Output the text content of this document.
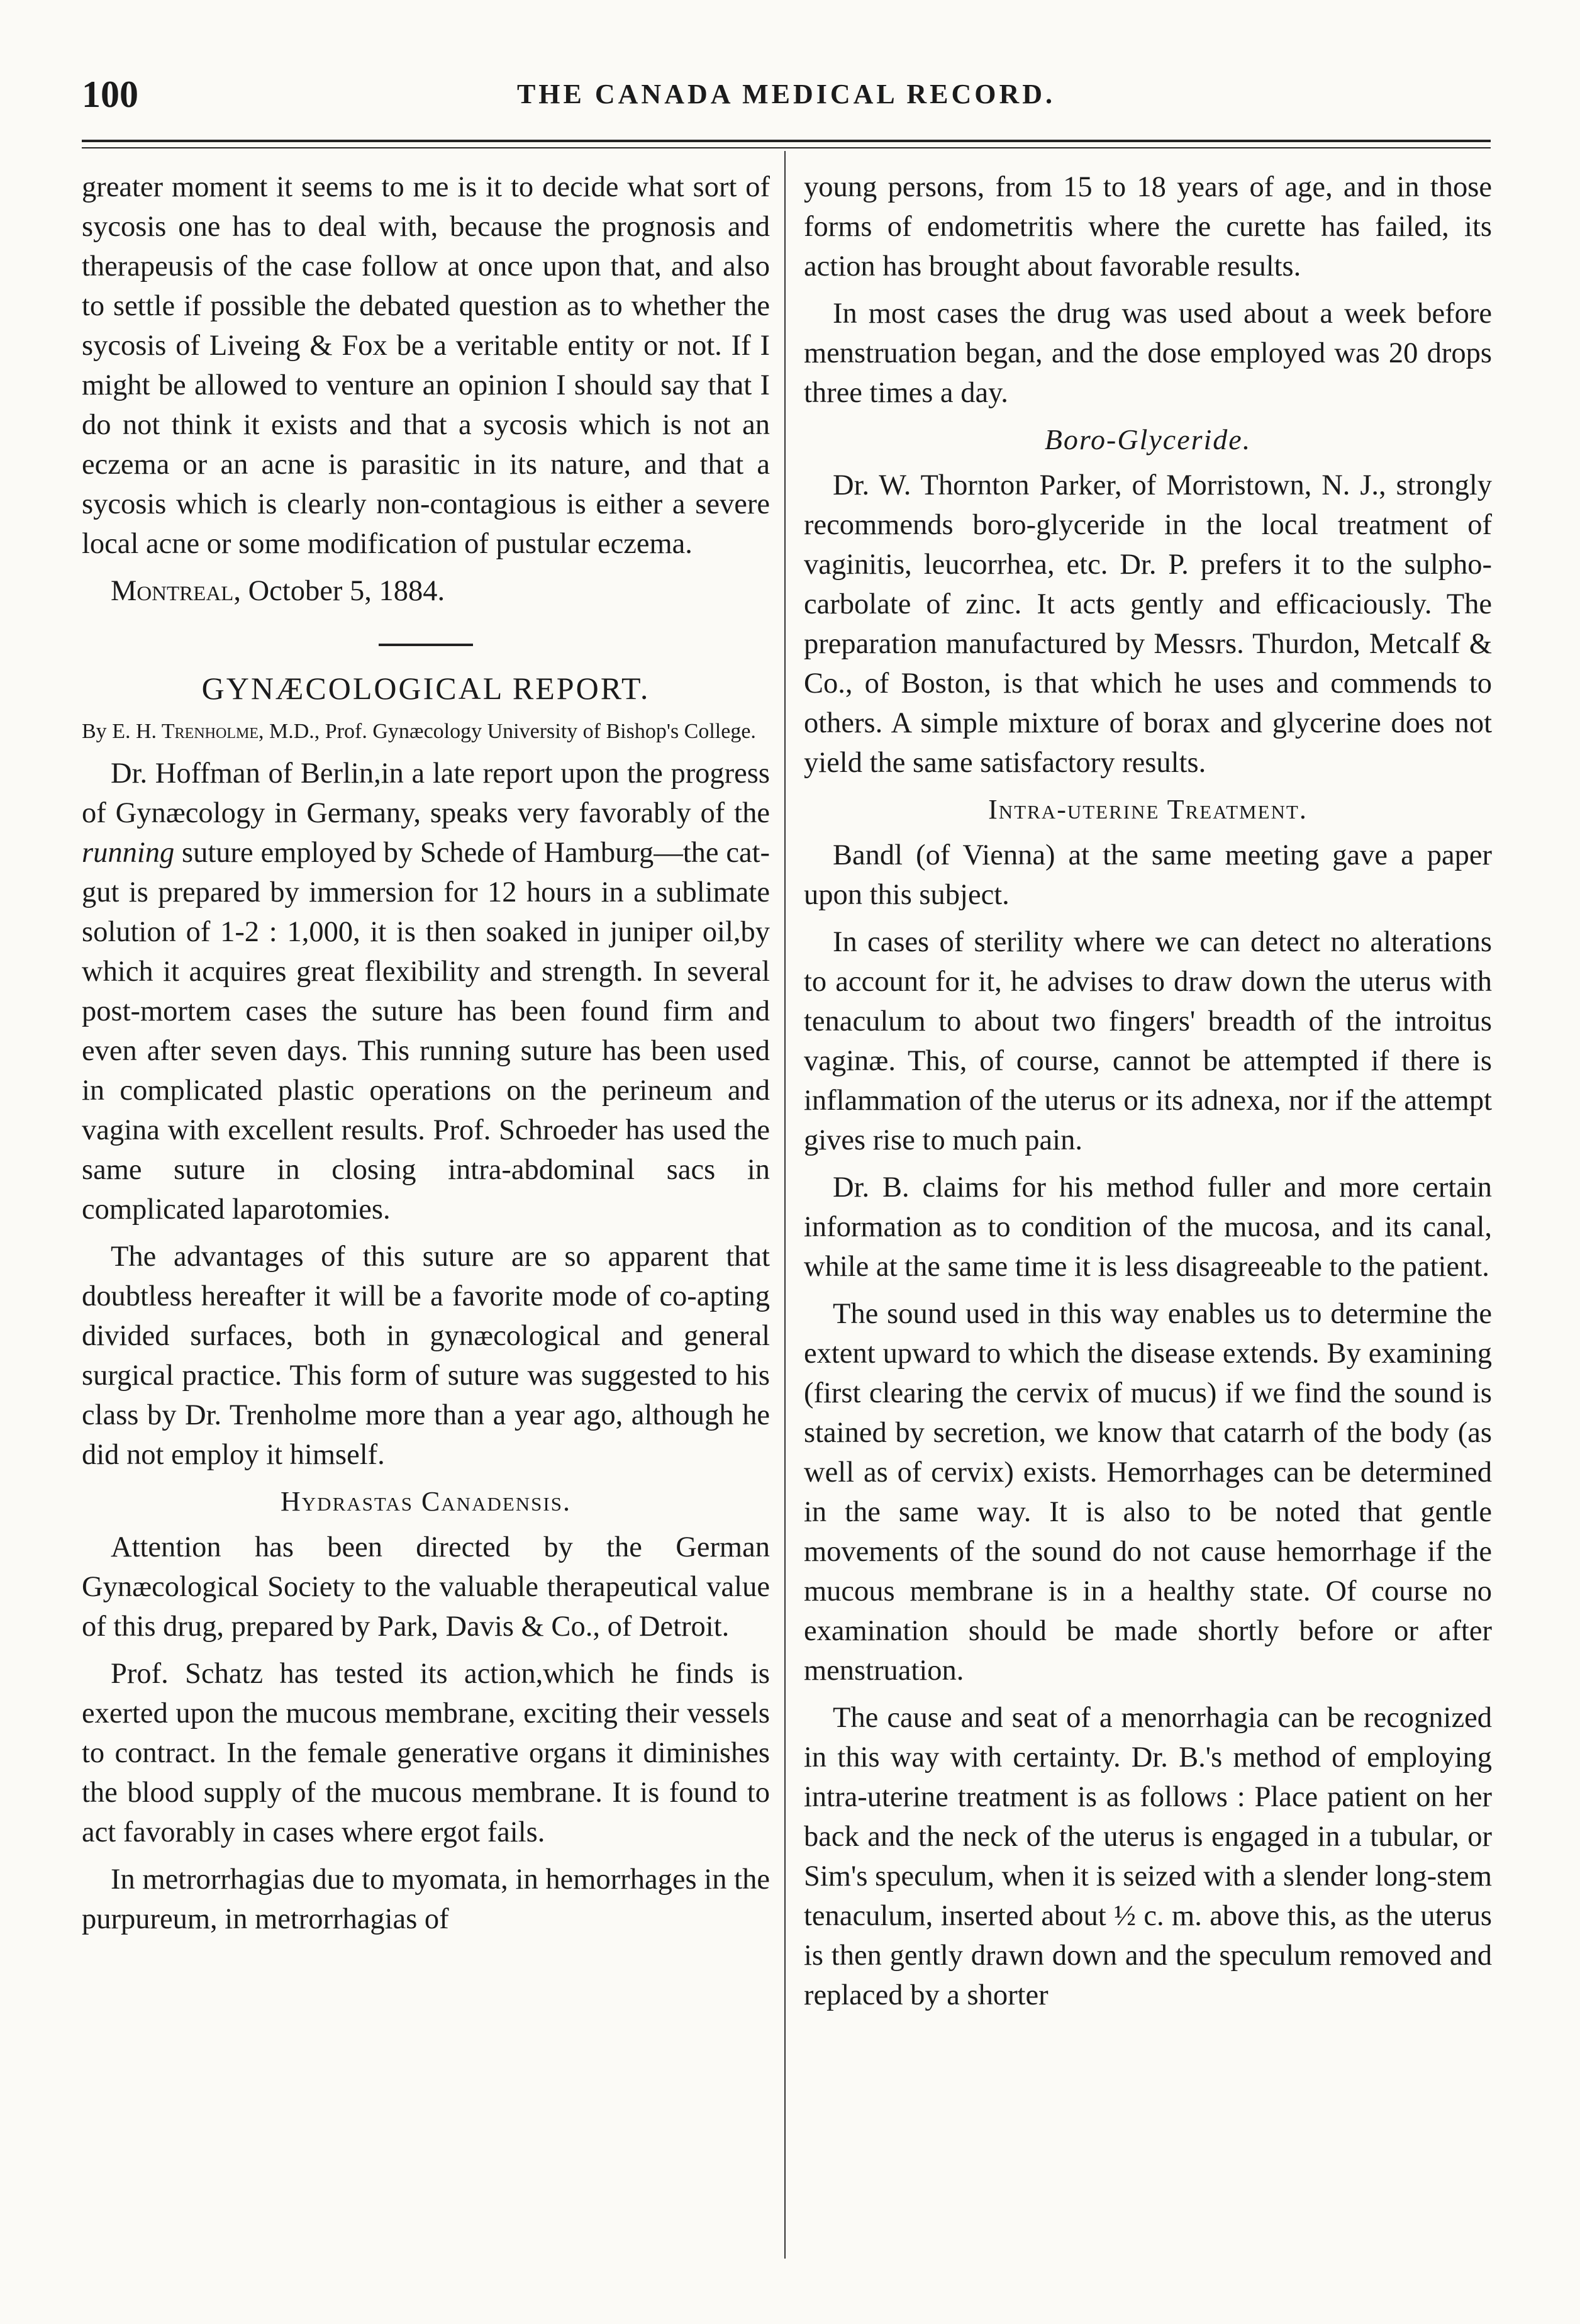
100	THE CANADA MEDICAL RECORD.

greater moment it seems to me is it to decide what sort of sycosis one has to deal with, because the prognosis and therapeusis of the case follow at once upon that, and also to settle if possible the debated question as to whether the sycosis of Liveing & Fox be a veritable entity or not. If I might be allowed to venture an opinion I should say that I do not think it exists and that a sycosis which is not an eczema or an acne is parasitic in its nature, and that a sycosis which is clearly non-contagious is either a severe local acne or some modification of pustular eczema.

Montreal, October 5, 1884.

GYNÆCOLOGICAL REPORT.
By E. H. Trenholme, M.D., Prof. Gynæcology University of Bishop's College.

Dr. Hoffman of Berlin,in a late report upon the progress of Gynæcology in Germany, speaks very favorably of the running suture employed by Schede of Hamburg—the cat-gut is prepared by immersion for 12 hours in a sublimate solution of 1-2 : 1,000, it is then soaked in juniper oil,by which it acquires great flexibility and strength. In several post-mortem cases the suture has been found firm and even after seven days. This running suture has been used in complicated plastic operations on the perineum and vagina with excellent results. Prof. Schroeder has used the same suture in closing intra-abdominal sacs in complicated laparotomies.

The advantages of this suture are so apparent that doubtless hereafter it will be a favorite mode of co-apting divided surfaces, both in gynæcological and general surgical practice. This form of suture was suggested to his class by Dr. Trenholme more than a year ago, although he did not employ it himself.

Hydrastas Canadensis.

Attention has been directed by the German Gynæcological Society to the valuable therapeutical value of this drug, prepared by Park, Davis & Co., of Detroit.

Prof. Schatz has tested its action,which he finds is exerted upon the mucous membrane, exciting their vessels to contract. In the female generative organs it diminishes the blood supply of the mucous membrane. It is found to act favorably in cases where ergot fails.

In metrorrhagias due to myomata, in hemorrhages in the purpureum, in metrorrhagias of

young persons, from 15 to 18 years of age, and in those forms of endometritis where the curette has failed, its action has brought about favorable results.

In most cases the drug was used about a week before menstruation began, and the dose employed was 20 drops three times a day.

Boro-Glyceride.

Dr. W. Thornton Parker, of Morristown, N. J., strongly recommends boro-glyceride in the local treatment of vaginitis, leucorrhea, etc. Dr. P. prefers it to the sulpho-carbolate of zinc. It acts gently and efficaciously. The preparation manufactured by Messrs. Thurdon, Metcalf & Co., of Boston, is that which he uses and commends to others. A simple mixture of borax and glycerine does not yield the same satisfactory results.

Intra-uterine Treatment.

Bandl (of Vienna) at the same meeting gave a paper upon this subject.

In cases of sterility where we can detect no alterations to account for it, he advises to draw down the uterus with tenaculum to about two fingers' breadth of the introitus vaginæ. This, of course, cannot be attempted if there is inflammation of the uterus or its adnexa, nor if the attempt gives rise to much pain.

Dr. B. claims for his method fuller and more certain information as to condition of the mucosa, and its canal, while at the same time it is less disagreeable to the patient.

The sound used in this way enables us to determine the extent upward to which the disease extends. By examining (first clearing the cervix of mucus) if we find the sound is stained by secretion, we know that catarrh of the body (as well as of cervix) exists. Hemorrhages can be determined in the same way. It is also to be noted that gentle movements of the sound do not cause hemorrhage if the mucous membrane is in a healthy state. Of course no examination should be made shortly before or after menstruation.

The cause and seat of a menorrhagia can be recognized in this way with certainty. Dr. B.'s method of employing intra-uterine treatment is as follows : Place patient on her back and the neck of the uterus is engaged in a tubular, or Sim's speculum, when it is seized with a slender long-stem tenaculum, inserted about ½ c. m. above this, as the uterus is then gently drawn down and the speculum removed and replaced by a shorter
